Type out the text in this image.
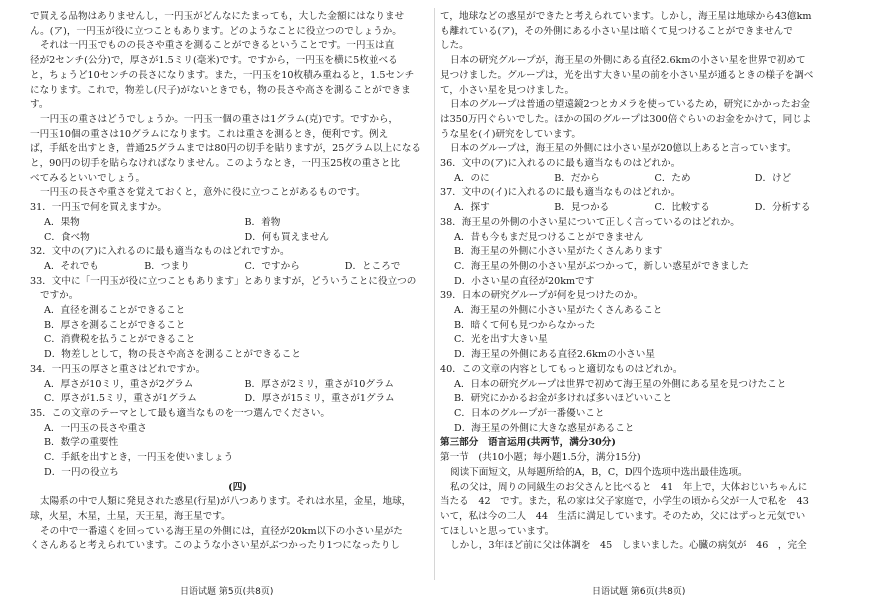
で買える品物はありませんし，一円玉がどんなにたまっても，大した金額にはなりませ
ん。(ア)，一円玉が役に立つこともあります。どのようなことに役立つのでしょうか。
それは一円玉でものの長さや重さを測ることができるということです。一円玉は直
径が2センチ(公分)で，厚さが1.5ミリ(毫米)です。ですから，一円玉を横に5枚並べる
と，ちょうど10センチの長さになります。また，一円玉を10枚積み重ねると，1.5センチ
になります。これで，物差し(尺子)がないときでも，物の長さや高さを測ることができま
す。
一円玉の重さはどうでしょうか。一円玉一個の重さは1グラム(克)です。ですから，
一円玉10個の重さは10グラムになります。これは重さを測るとき，便利です。例え
ば，手紙を出すとき，普通25グラムまでは80円の切手を貼りますが，25グラム以上になる
と，90円の切手を貼らなければなりません。このようなとき，一円玉25枚の重さと比
べてみるといいでしょう。
一円玉の長さや重さを覚えておくと，意外に役に立つことがあるものです。
31．一円玉で何を買えますか。
A．果物	B．着物
C．食べ物	D．何も買えません
32．文中の(ア)に入れるのに最も適当なものはどれですか。
A．それでも	B．つまり	C．ですから	D．ところで
33．文中に「一円玉が役に立つこともあります」とありますが，どういうことに役立つの
ですか。
A．直径を測ることができること
B．厚さを測ることができること
C．消費税を払うことができること
D．物差しとして，物の長さや高さを測ることができること
34．一円玉の厚さと重さはどれですか。
A．厚さが10ミリ，重さが2グラム	B．厚さが2ミリ，重さが10グラム
C．厚さが1.5ミリ，重さが1グラム	D．厚さが15ミリ，重さが1グラム
35．この文章のテーマとして最も適当なものを一つ選んでください。
A．一円玉の長さや重さ
B．数学の重要性
C．手紙を出すとき，一円玉を使いましょう
D．一円の役立ち
(四)
太陽系の中で人類に発見された惑星(行星)が八つあります。それは水星，金星，地球，
球，火星，木星，土星，天王星，海王星です。
その中で一番遠くを回っている海王星の外側には，直径が20km以下の小さい星がた
くさんあると考えられています。このような小さい星がぶつかったり1つになったりし
て，地球などの惑星ができたと考えられています。しかし，海王星は地球から43億km
も離れている(ア)，その外側にある小さい星は暗くて見つけることができませんで
した。
日本の研究グループが，海王星の外側にある直径2.6kmの小さい星を世界で初めて
見つけました。グループは，光を出す大きい星の前を小さい星が通るときの様子を調べ
て，小さい星を見つけました。
日本のグループは普通の望遠鏡2つとカメラを使っているため，研究にかかったお金
は350万円ぐらいでした。ほかの国のグループは300倍ぐらいのお金をかけて，同じよ
うな星を(イ)研究をしています。
日本のグループは，海王星の外側には小さい星が20億以上あると言っています。
36．文中の(ア)に入れるのに最も適当なものはどれか。
A．のに	B．だから	C．ため	D．けど
37．文中の(イ)に入れるのに最も適当なものはどれか。
A．探す	B．見つかる	C．比較する	D．分析する
38．海王星の外側の小さい星について正しく言っているのはどれか。
A．昔も今もまだ見つけることができません
B．海王星の外側に小さい星がたくさんあります
C．海王星の外側の小さい星がぶつかって，新しい惑星ができました
D．小さい星の直径が20kmです
39．日本の研究グループが何を見つけたのか。
A．海王星の外側に小さい星がたくさんあること
B．暗くて何も見つからなかった
C．光を出す大きい星
D．海王星の外側にある直径2.6kmの小さい星
40．この文章の内容としてもっと適切なものはどれか。
A．日本の研究グループは世界で初めて海王星の外側にある星を見つけたこと
B．研究にかかるお金が多ければ多いほどいいこと
C．日本のグループが一番優いこと
D．海王星の外側に大きな惑星があること
第三部分　语言运用(共两节，满分30分)
第一节　(共10小题；每小题1.5分，满分15分)
阅读下面短文，从每题所给的A，B，C，D四个选项中选出最佳选项。
私の父は，周りの同級生のお父さんと比べると　41　年上で，大体おじいちゃんに
当たる　42　です。また，私の家は父子家庭で，小学生の頃から父が一人で私を　43
いて，私は今の二人　44　生活に満足しています。そのため，父にはずっと元気でい
てほしいと思っています。
しかし，3年ほど前に父は体調を　45　しまいました。心臓の病気が　46　，完全
日语试题 第5页(共8页)	日语试题 第6页(共8页)
